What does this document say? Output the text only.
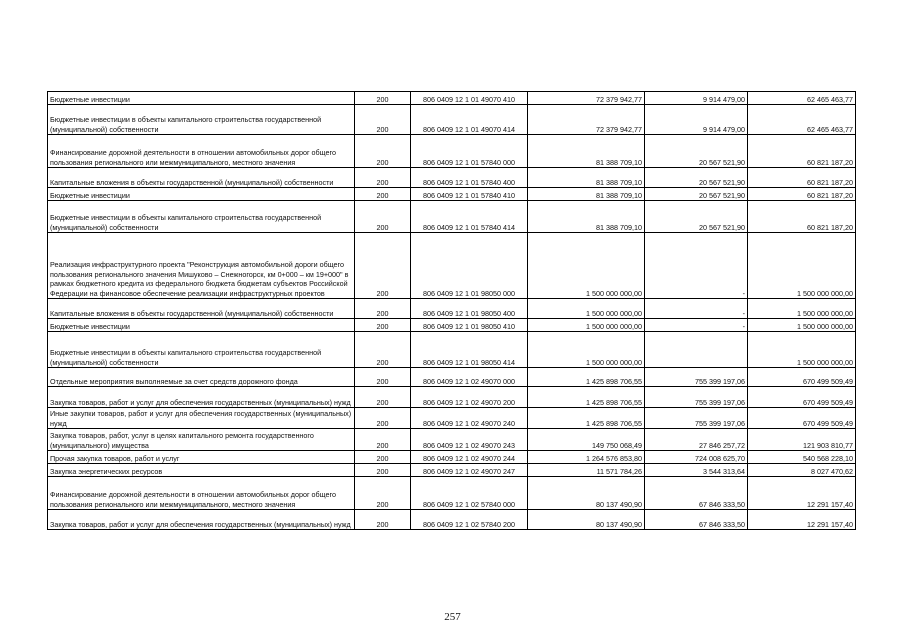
Бюджетные инвестиции	200	806 0409 12 1 01 49070 410	72 379 942,77	9 914 479,00	62 465 463,77
Бюджетные инвестиции в объекты капитального строительства государственной (муниципальной) собственности	200	806 0409 12 1 01 49070 414	72 379 942,77	9 914 479,00	62 465 463,77
Финансирование дорожной деятельности в отношении автомобильных дорог общего пользования регионального или межмуниципального, местного значения	200	806 0409 12 1 01 57840 000	81 388 709,10	20 567 521,90	60 821 187,20
Капитальные вложения в объекты государственной (муниципальной) собственности	200	806 0409 12 1 01 57840 400	81 388 709,10	20 567 521,90	60 821 187,20
Бюджетные инвестиции	200	806 0409 12 1 01 57840 410	81 388 709,10	20 567 521,90	60 821 187,20
Бюджетные инвестиции в объекты капитального строительства государственной (муниципальной) собственности	200	806 0409 12 1 01 57840 414	81 388 709,10	20 567 521,90	60 821 187,20
Реализация инфраструктурного проекта "Реконструкция автомобильной дороги общего пользования регионального значения Мишуково – Снежногорск, км 0+000 – км 19+000" в рамках бюджетного кредита из федерального бюджета бюджетам субъектов Российской Федерации на финансовое обеспечение реализации инфраструктурных проектов	200	806 0409 12 1 01 98050 000	1 500 000 000,00	-	1 500 000 000,00
Капитальные вложения в объекты государственной (муниципальной) собственности	200	806 0409 12 1 01 98050 400	1 500 000 000,00	-	1 500 000 000,00
Бюджетные инвестиции	200	806 0409 12 1 01 98050 410	1 500 000 000,00	-	1 500 000 000,00
Бюджетные инвестиции в объекты капитального строительства государственной (муниципальной) собственности	200	806 0409 12 1 01 98050 414	1 500 000 000,00		1 500 000 000,00
Отдельные мероприятия выполняемые за счет средств дорожного фонда	200	806 0409 12 1 02 49070 000	1 425 898 706,55	755 399 197,06	670 499 509,49
Закупка товаров, работ и услуг для обеспечения государственных (муниципальных) нужд	200	806 0409 12 1 02 49070 200	1 425 898 706,55	755 399 197,06	670 499 509,49
Иные закупки товаров, работ и услуг для обеспечения государственных (муниципальных) нужд	200	806 0409 12 1 02 49070 240	1 425 898 706,55	755 399 197,06	670 499 509,49
Закупка товаров, работ, услуг в целях капитального ремонта государственного (муниципального) имущества	200	806 0409 12 1 02 49070 243	149 750 068,49	27 846 257,72	121 903 810,77
Прочая закупка товаров, работ и услуг	200	806 0409 12 1 02 49070 244	1 264 576 853,80	724 008 625,70	540 568 228,10
Закупка энергетических ресурсов	200	806 0409 12 1 02 49070 247	11 571 784,26	3 544 313,64	8 027 470,62
Финансирование дорожной деятельности в отношении автомобильных дорог общего пользования регионального или межмуниципального, местного значения	200	806 0409 12 1 02 57840 000	80 137 490,90	67 846 333,50	12 291 157,40
Закупка товаров, работ и услуг для обеспечения государственных (муниципальных) нужд	200	806 0409 12 1 02 57840 200	80 137 490,90	67 846 333,50	12 291 157,40
257
